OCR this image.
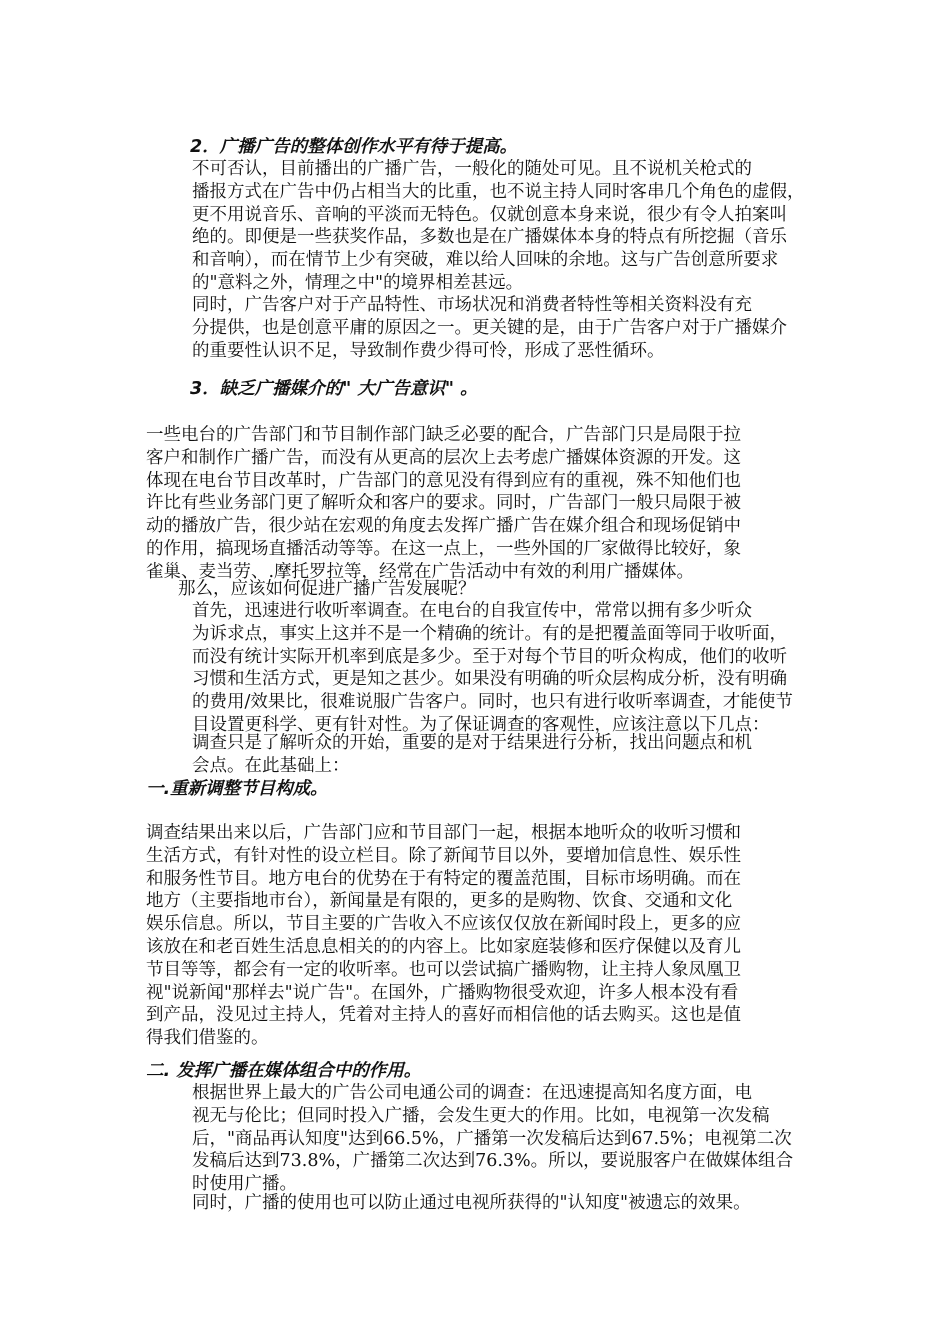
2．广播广告的整体创作水平有待于提高。
不可否认，目前播出的广播广告，一般化的随处可见。且不说机关枪式的
播报方式在广告中仍占相当大的比重，也不说主持人同时客串几个角色的虚假，
更不用说音乐、音响的平淡而无特色。仅就创意本身来说，很少有令人拍案叫
绝的。即便是一些获奖作品，多数也是在广播媒体本身的特点有所挖掘（音乐
和音响），而在情节上少有突破，难以给人回味的余地。这与广告创意所要求
的"意料之外，情理之中"的境界相差甚远。
同时，广告客户对于产品特性、市场状况和消费者特性等相关资料没有充
分提供，也是创意平庸的原因之一。更关键的是，由于广告客户对于广播媒介
的重要性认识不足，导致制作费少得可怜，形成了恶性循环。
3．缺乏广播媒介的" 大广告意识" 。
一些电台的广告部门和节目制作部门缺乏必要的配合，广告部门只是局限于拉
客户和制作广播广告，而没有从更高的层次上去考虑广播媒体资源的开发。这
体现在电台节目改革时，广告部门的意见没有得到应有的重视，殊不知他们也
许比有些业务部门更了解听众和客户的要求。同时，广告部门一般只局限于被
动的播放广告，很少站在宏观的角度去发挥广播广告在媒介组合和现场促销中
的作用，搞现场直播活动等等。在这一点上，一些外国的厂家做得比较好，象
雀巢、麦当劳、.摩托罗拉等，经常在广告活动中有效的利用广播媒体。

那么，应该如何促进广播广告发展呢？

首先，迅速进行收听率调查。在电台的自我宣传中，常常以拥有多少听众
为诉求点，事实上这并不是一个精确的统计。有的是把覆盖面等同于收听面，
而没有统计实际开机率到底是多少。至于对每个节目的听众构成，他们的收听
习惯和生活方式，更是知之甚少。如果没有明确的听众层构成分析，没有明确
的费用/效果比，很难说服广告客户。同时，也只有进行收听率调查，才能使节
目设置更科学、更有针对性。为了保证调查的客观性，应该注意以下几点：
调查只是了解听众的开始，重要的是对于结果进行分析，找出问题点和机
会点。在此基础上：
一.重新调整节目构成。
调查结果出来以后，广告部门应和节目部门一起，根据本地听众的收听习惯和
生活方式，有针对性的设立栏目。除了新闻节目以外，要增加信息性、娱乐性
和服务性节目。地方电台的优势在于有特定的覆盖范围，目标市场明确。而在
地方（主要指地市台），新闻量是有限的，更多的是购物、饮食、交通和文化
娱乐信息。所以，节目主要的广告收入不应该仅仅放在新闻时段上，更多的应
该放在和老百姓生活息息相关的的内容上。比如家庭装修和医疗保健以及育儿
节目等等，都会有一定的收听率。也可以尝试搞广播购物，让主持人象凤凰卫
视"说新闻"那样去"说广告"。在国外，广播购物很受欢迎，许多人根本没有看
到产品，没见过主持人，凭着对主持人的喜好而相信他的话去购买。这也是值
得我们借鉴的。
二. 发挥广播在媒体组合中的作用。
根据世界上最大的广告公司电通公司的调查：在迅速提高知名度方面，电
视无与伦比；但同时投入广播，会发生更大的作用。比如，电视第一次发稿
后，"商品再认知度"达到66.5%，广播第一次发稿后达到67.5%；电视第二次
发稿后达到73.8%，广播第二次达到76.3%。所以，要说服客户在做媒体组合
时使用广播。
同时，广播的使用也可以防止通过电视所获得的"认知度"被遗忘的效果。
